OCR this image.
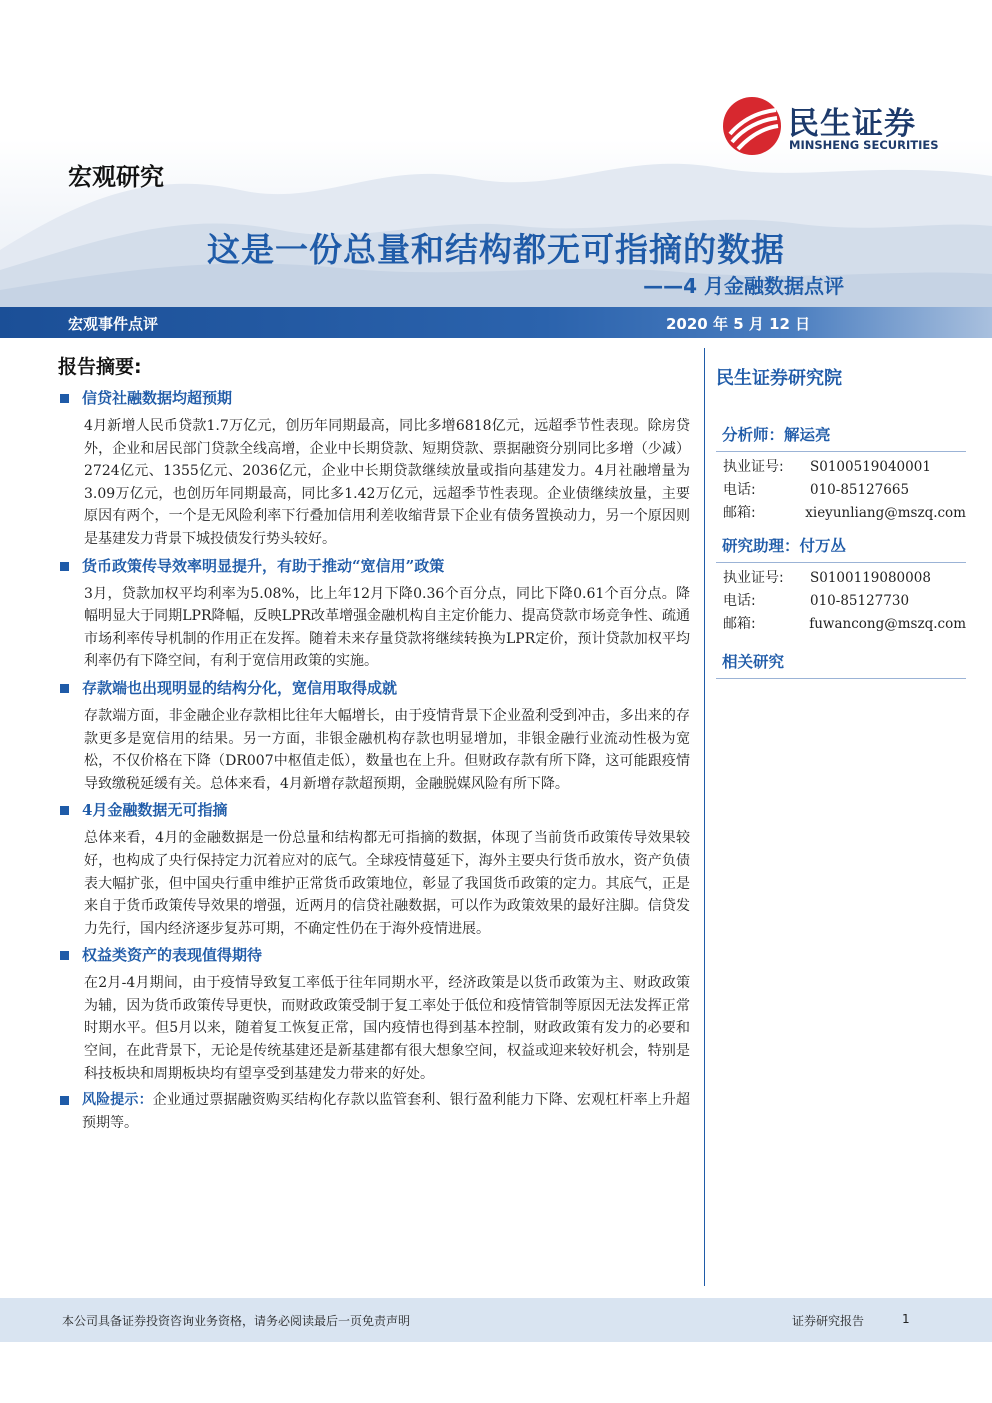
民生证券
MINSHENG SECURITIES
宏观研究
这是一份总量和结构都无可指摘的数据
——4 月金融数据点评
宏观事件点评	2020 年 5 月 12 日
报告摘要:
信贷社融数据均超预期

4月新增人民币贷款1.7万亿元，创历年同期最高，同比多增6818亿元，远超季节性表现。除房贷外，企业和居民部门贷款全线高增，企业中长期贷款、短期贷款、票据融资分别同比多增（少减）2724亿元、1355亿元、2036亿元，企业中长期贷款继续放量或指向基建发力。4月社融增量为3.09万亿元，也创历年同期最高，同比多1.42万亿元，远超季节性表现。企业债继续放量，主要原因有两个，一个是无风险利率下行叠加信用利差收缩背景下企业有债务置换动力，另一个原因则是基建发力背景下城投债发行势头较好。

货币政策传导效率明显提升，有助于推动“宽信用”政策

3月，贷款加权平均利率为5.08%，比上年12月下降0.36个百分点，同比下降0.61个百分点。降幅明显大于同期LPR降幅，反映LPR改革增强金融机构自主定价能力、提高贷款市场竞争性、疏通市场利率传导机制的作用正在发挥。随着未来存量贷款将继续转换为LPR定价，预计贷款加权平均利率仍有下降空间，有利于宽信用政策的实施。

存款端也出现明显的结构分化，宽信用取得成就

存款端方面，非金融企业存款相比往年大幅增长，由于疫情背景下企业盈利受到冲击，多出来的存款更多是宽信用的结果。另一方面，非银金融机构存款也明显增加，非银金融行业流动性极为宽松，不仅价格在下降（DR007中枢值走低），数量也在上升。但财政存款有所下降，这可能跟疫情导致缴税延缓有关。总体来看，4月新增存款超预期，金融脱媒风险有所下降。

4月金融数据无可指摘

总体来看，4月的金融数据是一份总量和结构都无可指摘的数据，体现了当前货币政策传导效果较好，也构成了央行保持定力沉着应对的底气。全球疫情蔓延下，海外主要央行货币放水，资产负债表大幅扩张，但中国央行重申维护正常货币政策地位，彰显了我国货币政策的定力。其底气，正是来自于货币政策传导效果的增强，近两月的信贷社融数据，可以作为政策效果的最好注脚。信贷发力先行，国内经济逐步复苏可期，不确定性仍在于海外疫情进展。

权益类资产的表现值得期待

在2月-4月期间，由于疫情导致复工率低于往年同期水平，经济政策是以货币政策为主、财政政策为辅，因为货币政策传导更快，而财政政策受制于复工率处于低位和疫情管制等原因无法发挥正常时期水平。但5月以来，随着复工恢复正常，国内疫情也得到基本控制，财政政策有发力的必要和空间，在此背景下，无论是传统基建还是新基建都有很大想象空间，权益或迎来较好机会，特别是科技板块和周期板块均有望享受到基建发力带来的好处。

风险提示：企业通过票据融资购买结构化存款以监管套利、银行盈利能力下降、宏观杠杆率上升超预期等。
民生证券研究院
分析师：解运亮
执业证号:	S0100519040001
电话:	010-85127665
邮箱:	xieyunliang@mszq.com
研究助理：付万丛
执业证号:	S0100119080008
电话:	010-85127730
邮箱:	fuwancong@mszq.com
相关研究
本公司具备证券投资咨询业务资格，请务必阅读最后一页免责声明	证券研究报告	1
